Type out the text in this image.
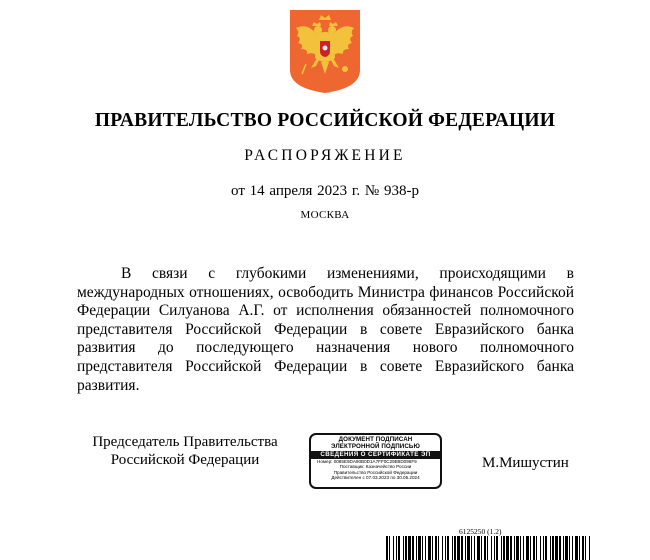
ПРАВИТЕЛЬСТВО РОССИЙСКОЙ ФЕДЕРАЦИИ
РАСПОРЯЖЕНИЕ
от 14 апреля 2023 г. № 938-р
МОСКВА

В связи с глубокими изменениями, происходящими в международных отношениях, освободить Министра финансов Российской Федерации Силуанова А.Г. от исполнения обязанностей полномочного представителя Российской Федерации в совете Евразийского банка развития до последующего назначения нового полномочного представителя Российской Федерации в совете Евразийского банка развития.

Председатель Правительства
Российской Федерации
ДОКУМЕНТ ПОДПИСАН
ЭЛЕКТРОННОЙ ПОДПИСЬЮ
СВЕДЕНИЯ О СЕРТИФИКАТЕ ЭП
Номер: 0085E9DA90B0D1A7FF0C29B9D096F9
Поставщик: Казначейство России
Правительство Российской Федерации
Действителен с 07.03.2023 по 30.05.2024
М.Мишустин
6125250 (1.2)
